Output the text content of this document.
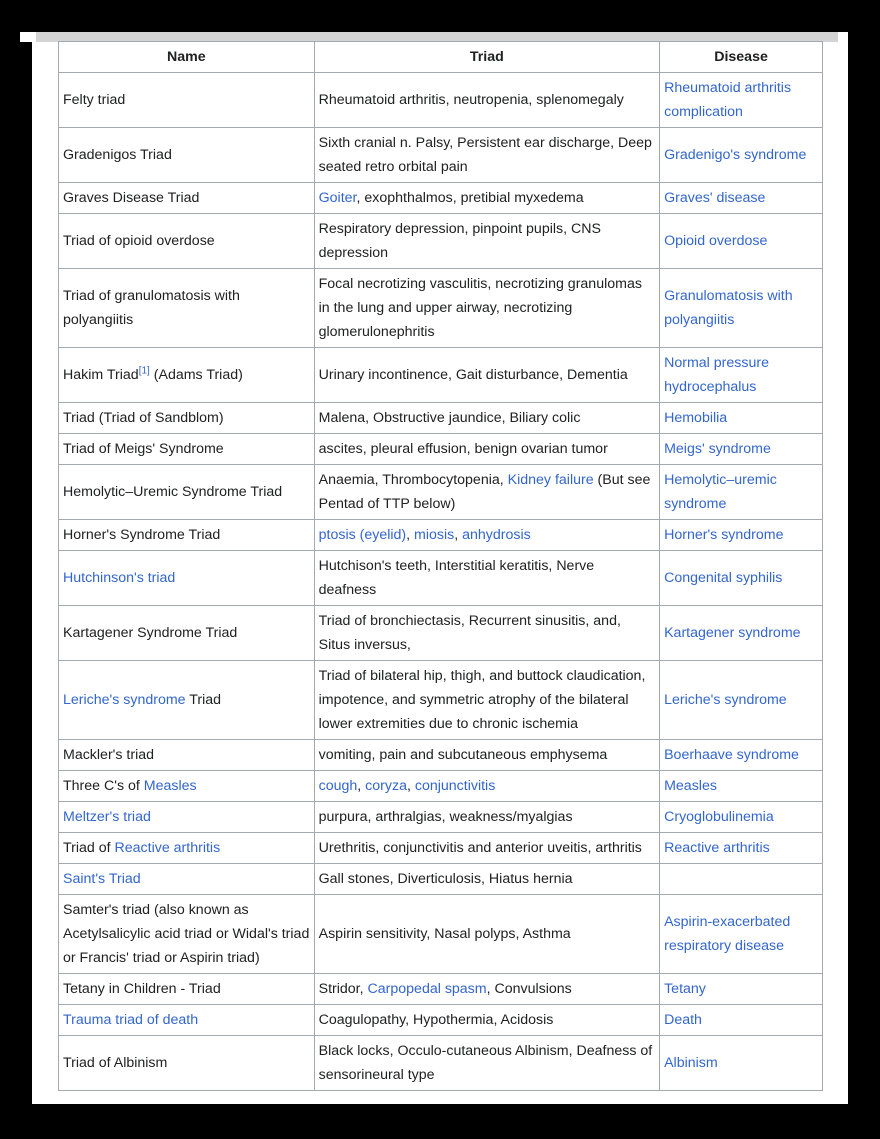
Name	Triad	Disease
Felty triad	Rheumatoid arthritis, neutropenia, splenomegaly	Rheumatoid arthritis complication
Gradenigos Triad	Sixth cranial n. Palsy, Persistent ear discharge, Deep seated retro orbital pain	Gradenigo's syndrome
Graves Disease Triad	Goiter, exophthalmos, pretibial myxedema	Graves' disease
Triad of opioid overdose	Respiratory depression, pinpoint pupils, CNS depression	Opioid overdose
Triad of granulomatosis with polyangiitis	Focal necrotizing vasculitis, necrotizing granulomas in the lung and upper airway, necrotizing glomerulonephritis	Granulomatosis with polyangiitis
Hakim Triad[1] (Adams Triad)	Urinary incontinence, Gait disturbance, Dementia	Normal pressure hydrocephalus
Triad (Triad of Sandblom)	Malena, Obstructive jaundice, Biliary colic	Hemobilia
Triad of Meigs' Syndrome	ascites, pleural effusion, benign ovarian tumor	Meigs' syndrome
Hemolytic–Uremic Syndrome Triad	Anaemia, Thrombocytopenia, Kidney failure (But see Pentad of TTP below)	Hemolytic–uremic syndrome
Horner's Syndrome Triad	ptosis (eyelid), miosis, anhydrosis	Horner's syndrome
Hutchinson's triad	Hutchison's teeth, Interstitial keratitis, Nerve deafness	Congenital syphilis
Kartagener Syndrome Triad	Triad of bronchiectasis, Recurrent sinusitis, and, Situs inversus,	Kartagener syndrome
Leriche's syndrome Triad	Triad of bilateral hip, thigh, and buttock claudication, impotence, and symmetric atrophy of the bilateral lower extremities due to chronic ischemia	Leriche's syndrome
Mackler's triad	vomiting, pain and subcutaneous emphysema	Boerhaave syndrome
Three C's of Measles	cough, coryza, conjunctivitis	Measles
Meltzer's triad	purpura, arthralgias, weakness/myalgias	Cryoglobulinemia
Triad of Reactive arthritis	Urethritis, conjunctivitis and anterior uveitis, arthritis	Reactive arthritis
Saint's Triad	Gall stones, Diverticulosis, Hiatus hernia	
Samter's triad (also known as Acetylsalicylic acid triad or Widal's triad or Francis' triad or Aspirin triad)	Aspirin sensitivity, Nasal polyps, Asthma	Aspirin-exacerbated respiratory disease
Tetany in Children - Triad	Stridor, Carpopedal spasm, Convulsions	Tetany
Trauma triad of death	Coagulopathy, Hypothermia, Acidosis	Death
Triad of Albinism	Black locks, Occulo-cutaneous Albinism, Deafness of sensorineural type	Albinism
